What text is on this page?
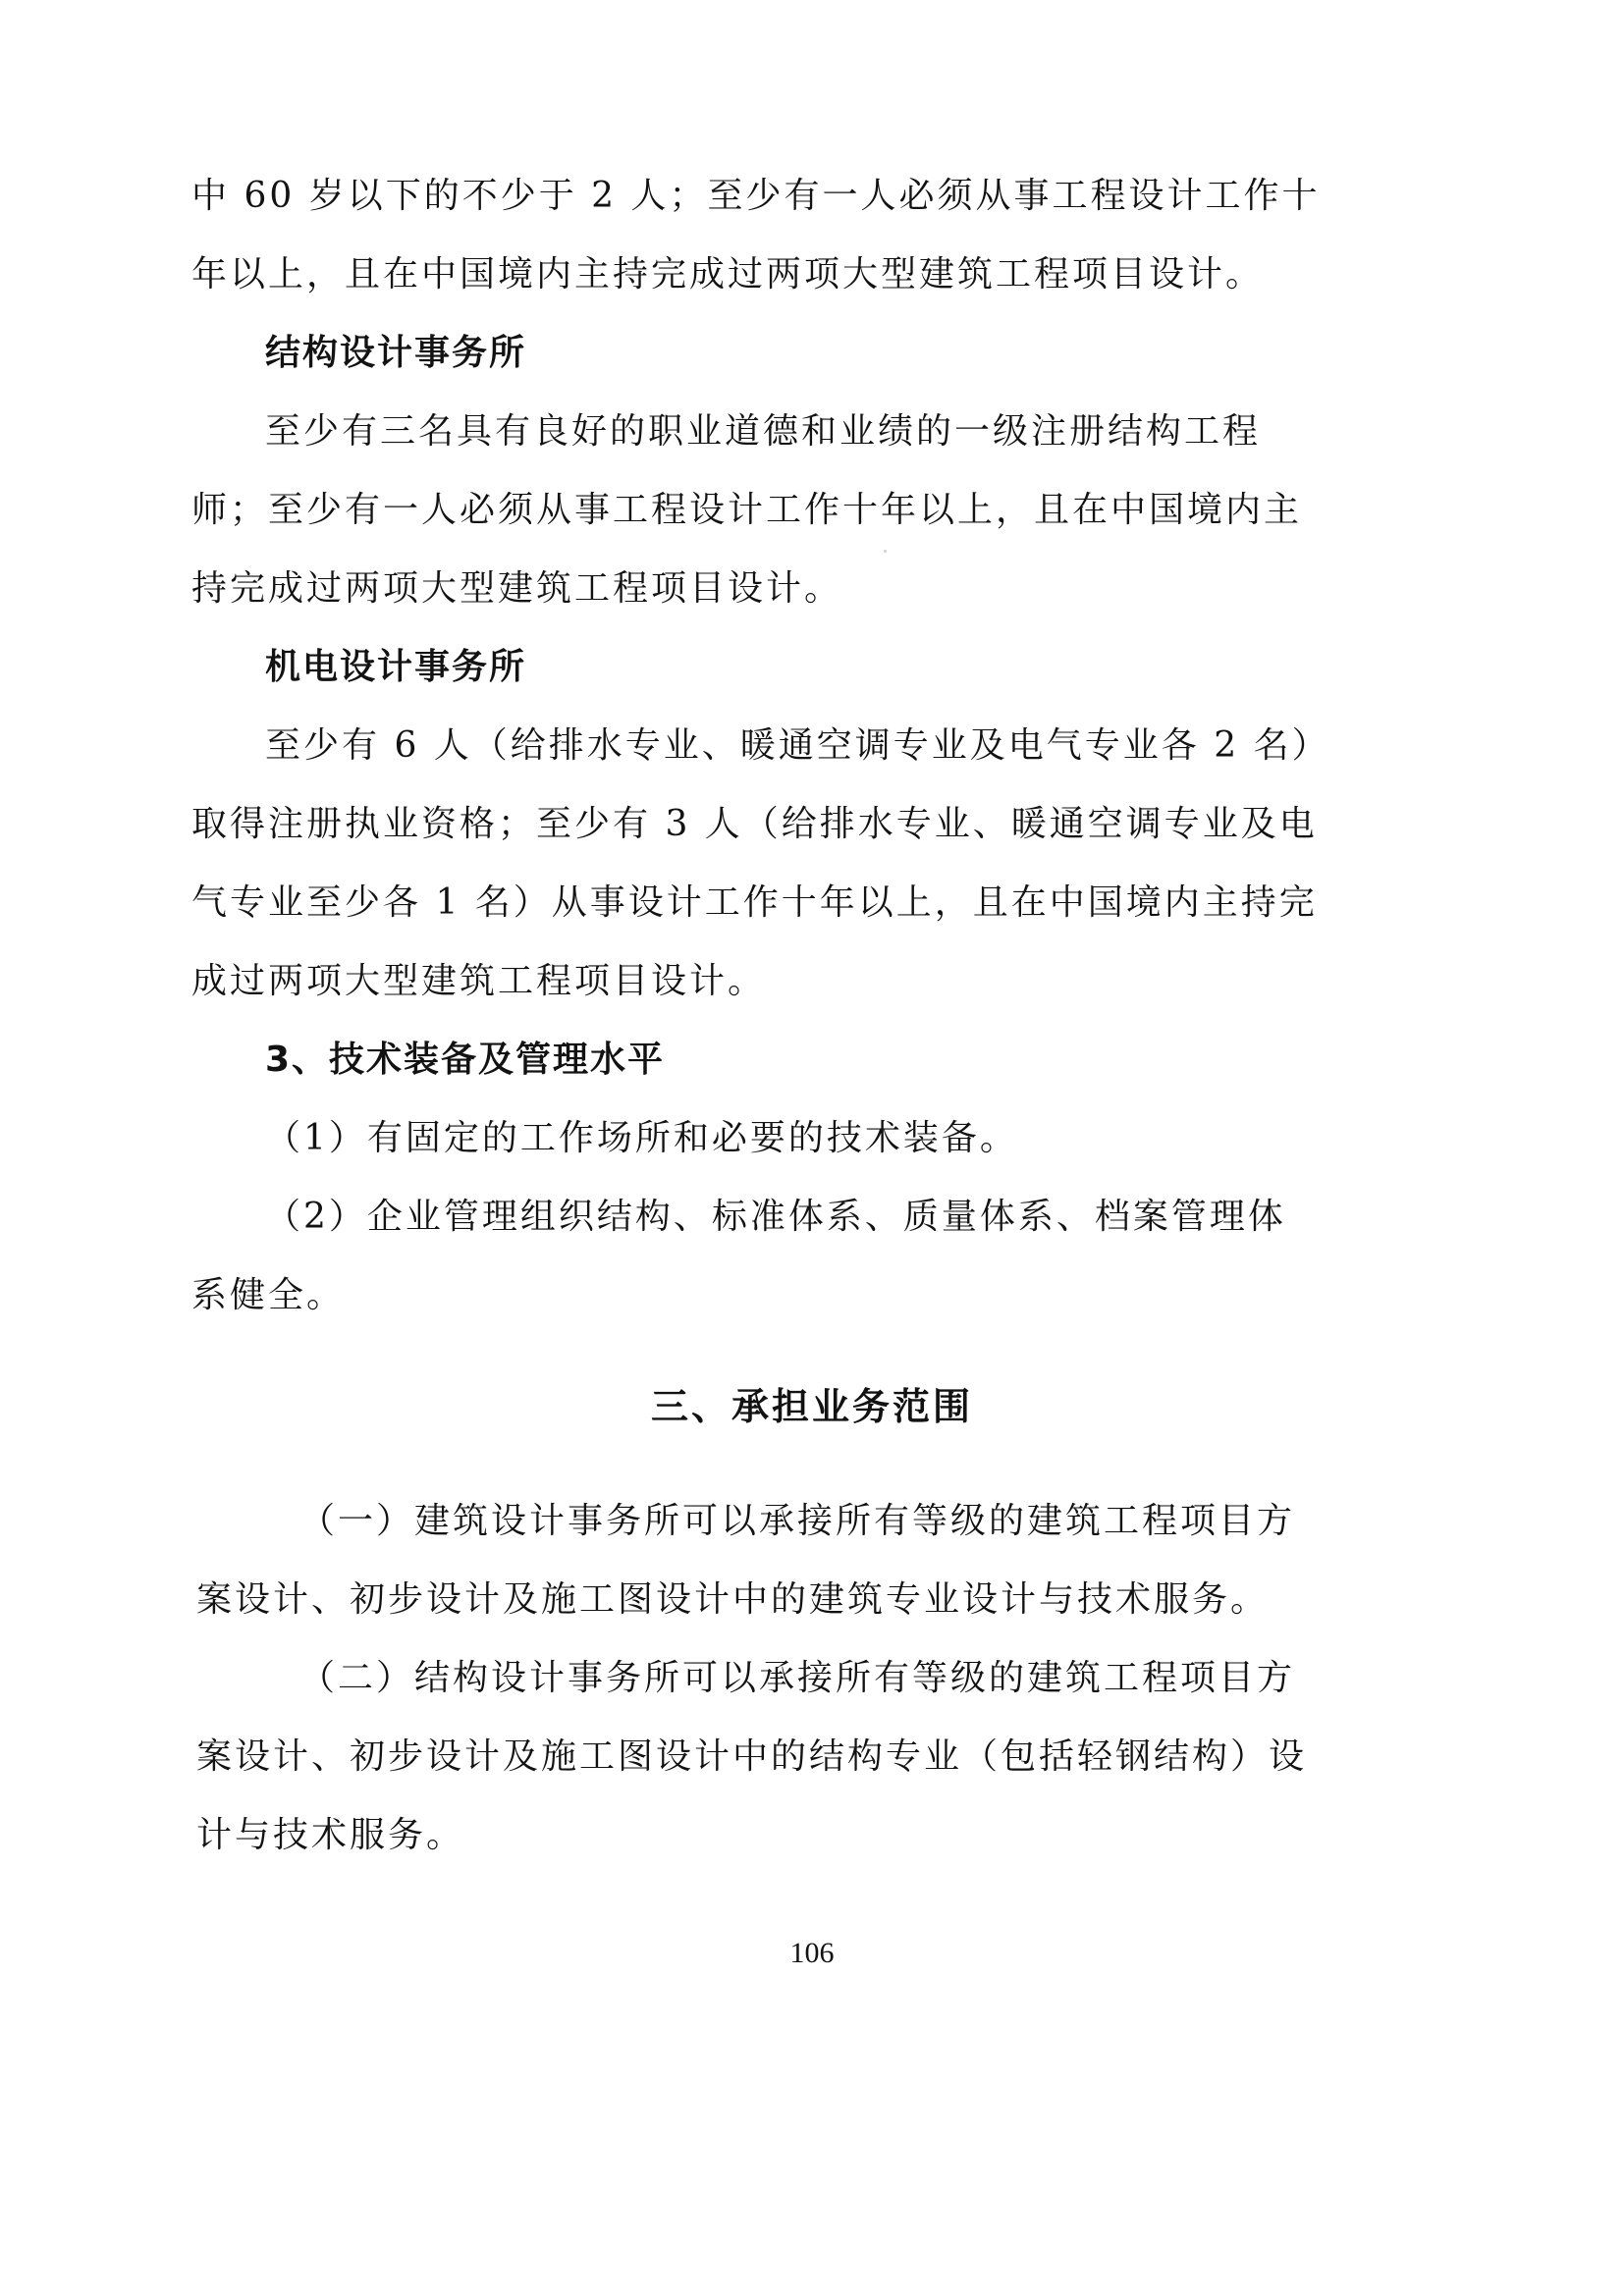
中 60 岁以下的不少于 2 人；至少有一人必须从事工程设计工作十
年以上，且在中国境内主持完成过两项大型建筑工程项目设计。
结构设计事务所
至少有三名具有良好的职业道德和业绩的一级注册结构工程
师；至少有一人必须从事工程设计工作十年以上，且在中国境内主
持完成过两项大型建筑工程项目设计。
机电设计事务所
至少有 6 人（给排水专业、暖通空调专业及电气专业各 2 名）
取得注册执业资格；至少有 3 人（给排水专业、暖通空调专业及电
气专业至少各 1 名）从事设计工作十年以上，且在中国境内主持完
成过两项大型建筑工程项目设计。
3、技术装备及管理水平
（1）有固定的工作场所和必要的技术装备。
（2）企业管理组织结构、标准体系、质量体系、档案管理体
系健全。
三、承担业务范围
（一）建筑设计事务所可以承接所有等级的建筑工程项目方
案设计、初步设计及施工图设计中的建筑专业设计与技术服务。
（二）结构设计事务所可以承接所有等级的建筑工程项目方
案设计、初步设计及施工图设计中的结构专业（包括轻钢结构）设
计与技术服务。
106
